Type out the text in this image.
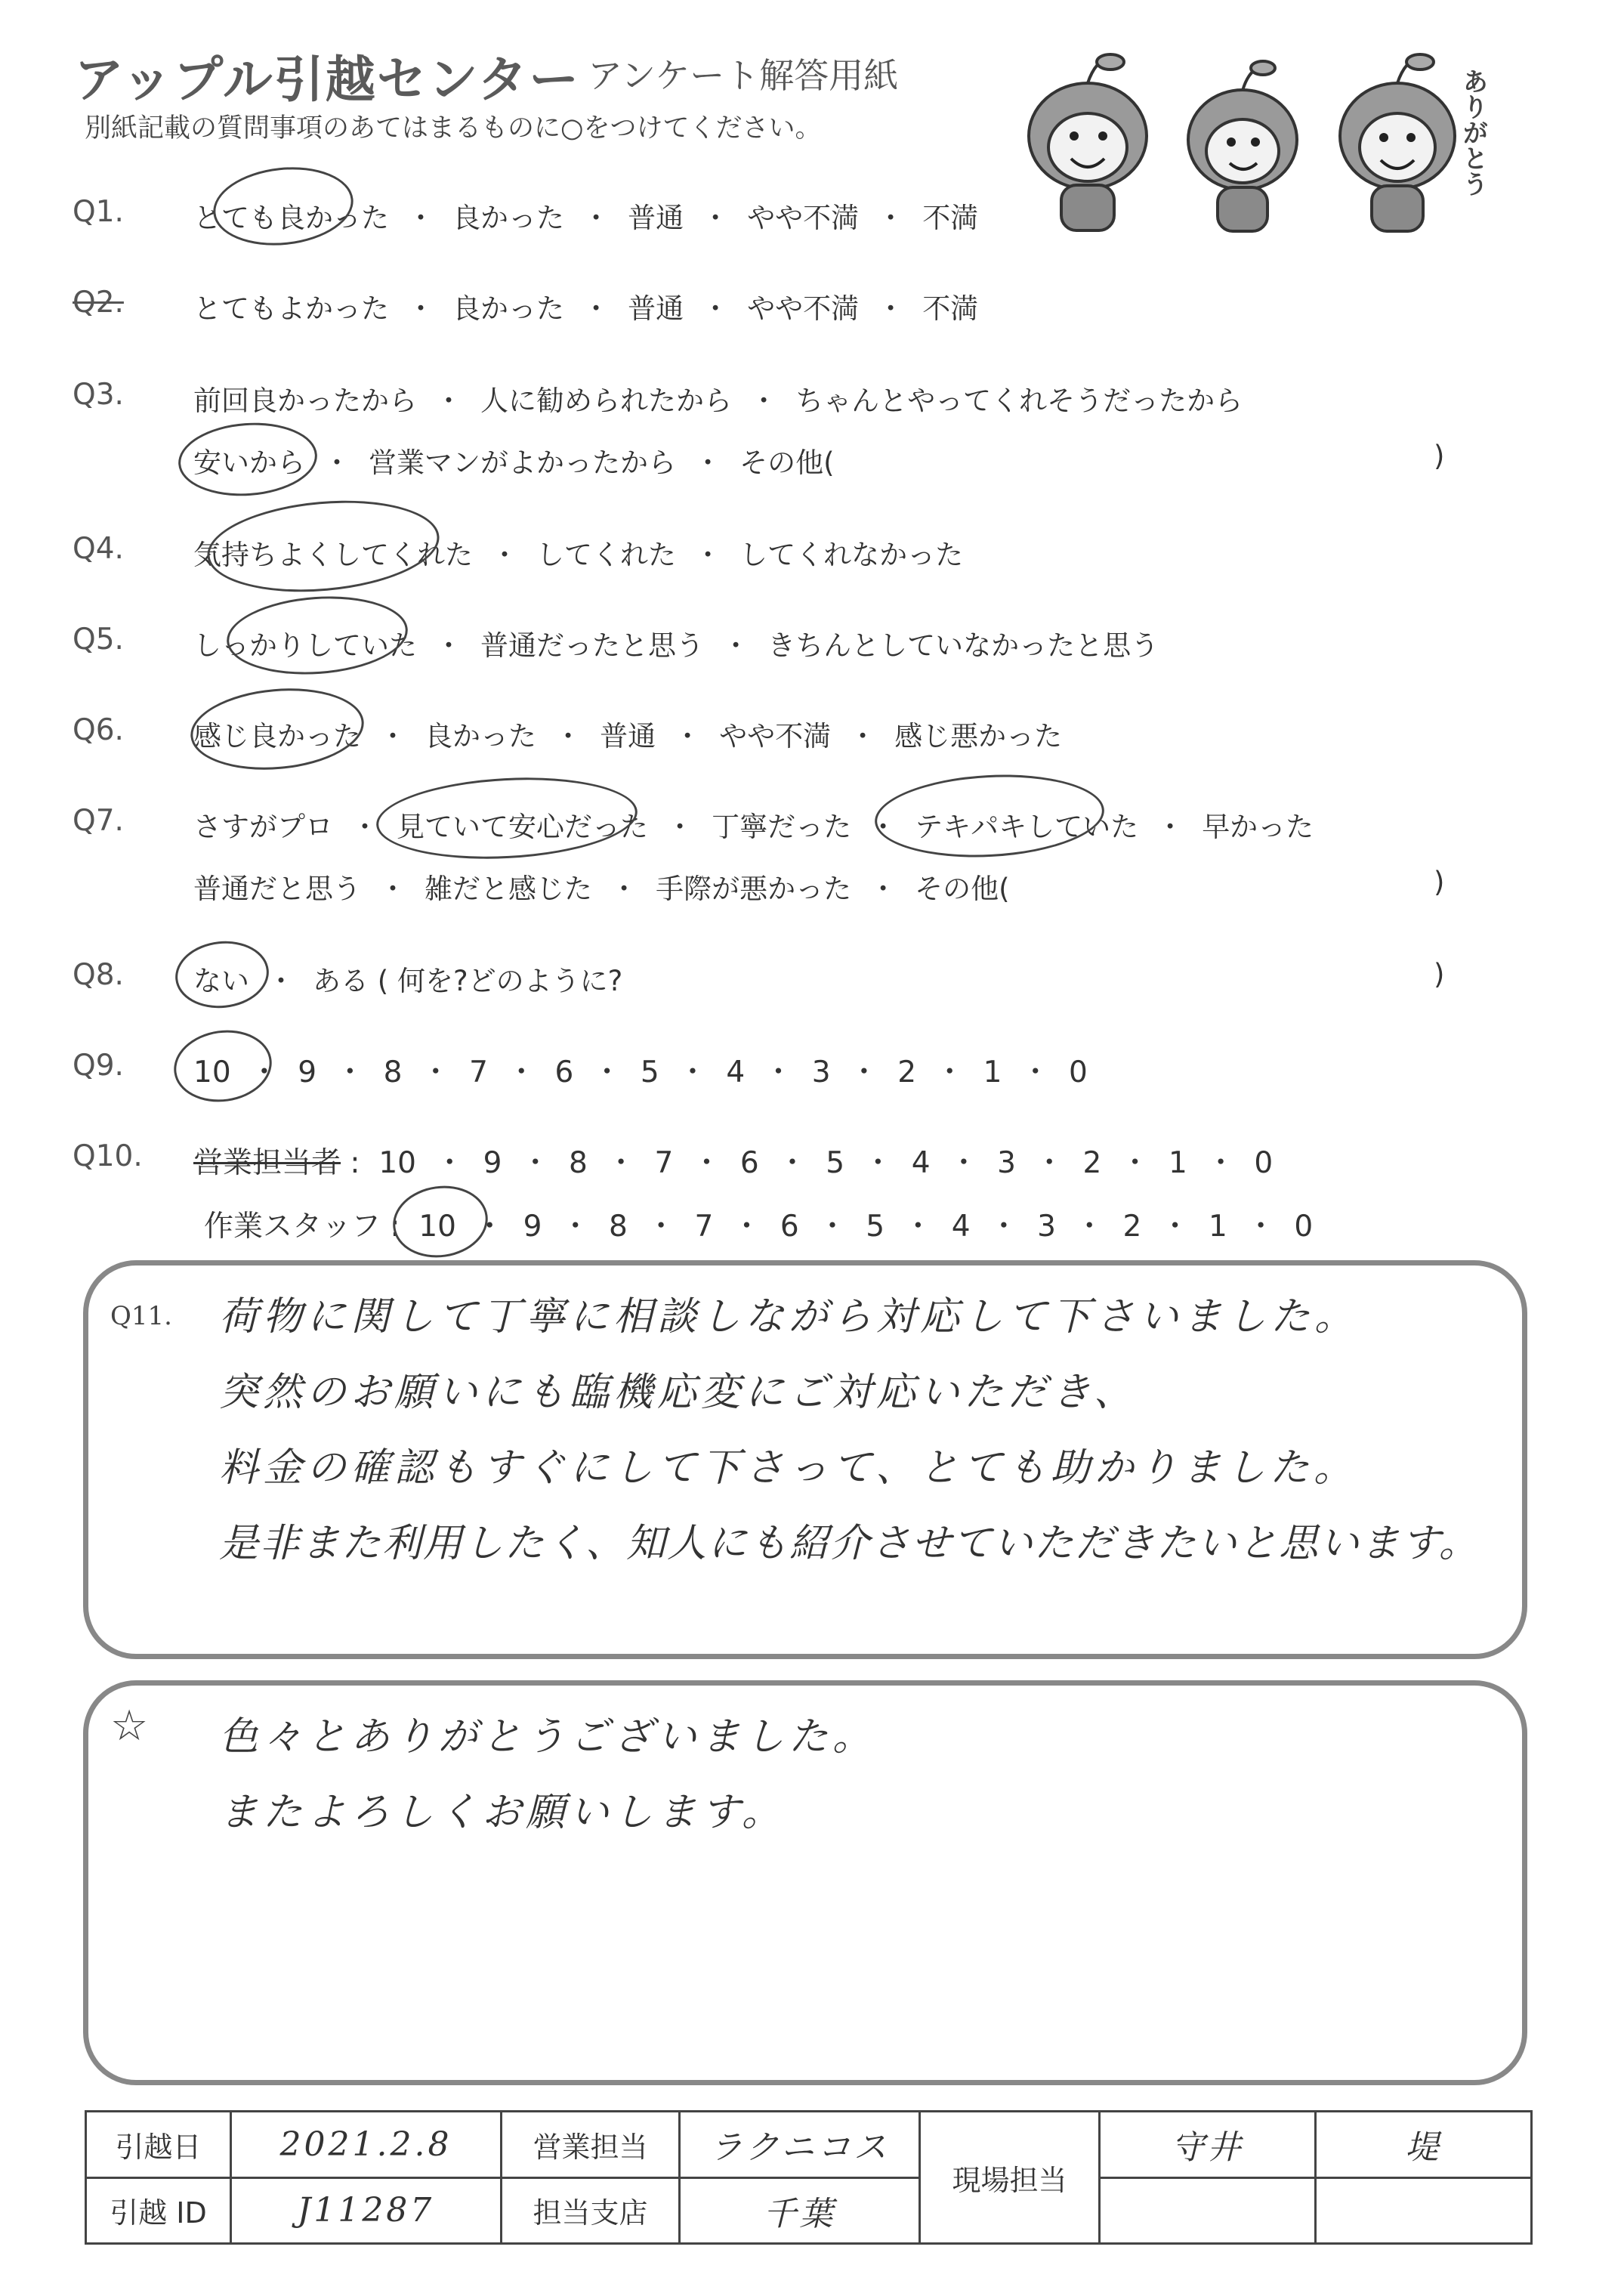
アップル引越センター アンケート解答用紙
別紙記載の質問事項のあてはまるものに○をつけてください。	ありがとう
Q1. とても良かった  ・  良かった  ・  普通  ・  やや不満  ・  不満
Q2. とてもよかった  ・  良かった  ・  普通  ・  やや不満  ・  不満
Q3. 前回良かったから  ・  人に勧められたから  ・  ちゃんとやってくれそうだったから
安いから  ・  営業マンがよかったから  ・  その他(	)
Q4. 気持ちよくしてくれた  ・  してくれた  ・  してくれなかった
Q5. しっかりしていた  ・  普通だったと思う  ・  きちんとしていなかったと思う
Q6. 感じ良かった  ・  良かった  ・  普通  ・  やや不満  ・  感じ悪かった
Q7. さすがプロ  ・  見ていて安心だった  ・  丁寧だった  ・  テキパキしていた  ・  早かった
普通だと思う  ・  雑だと感じた  ・  手際が悪かった  ・  その他(	)
Q8. ない  ・  ある ( 何を?どのように?	)
Q9. 10  ・  9  ・  8  ・  7  ・  6  ・  5  ・  4  ・  3  ・  2  ・  1  ・  0
Q10. 営業担当者 : 10  ・  9  ・  8  ・  7  ・  6  ・  5  ・  4  ・  3  ・  2  ・  1  ・  0
作業スタッフ : 10  ・  9  ・  8  ・  7  ・  6  ・  5  ・  4  ・  3  ・  2  ・  1  ・  0
Q11. 荷物に関して丁寧に相談しながら対応して下さいました。
突然のお願いにも臨機応変にご対応いただき、
料金の確認もすぐにして下さって、とても助かりました。
是非また利用したく、知人にも紹介させていただきたいと思います。
☆ 色々とありがとうございました。
またよろしくお願いします。
引越日	2021.2.8	営業担当	ラクニコス	現場担当	守井	堤
引越 ID	J11287	担当支店	千葉			
